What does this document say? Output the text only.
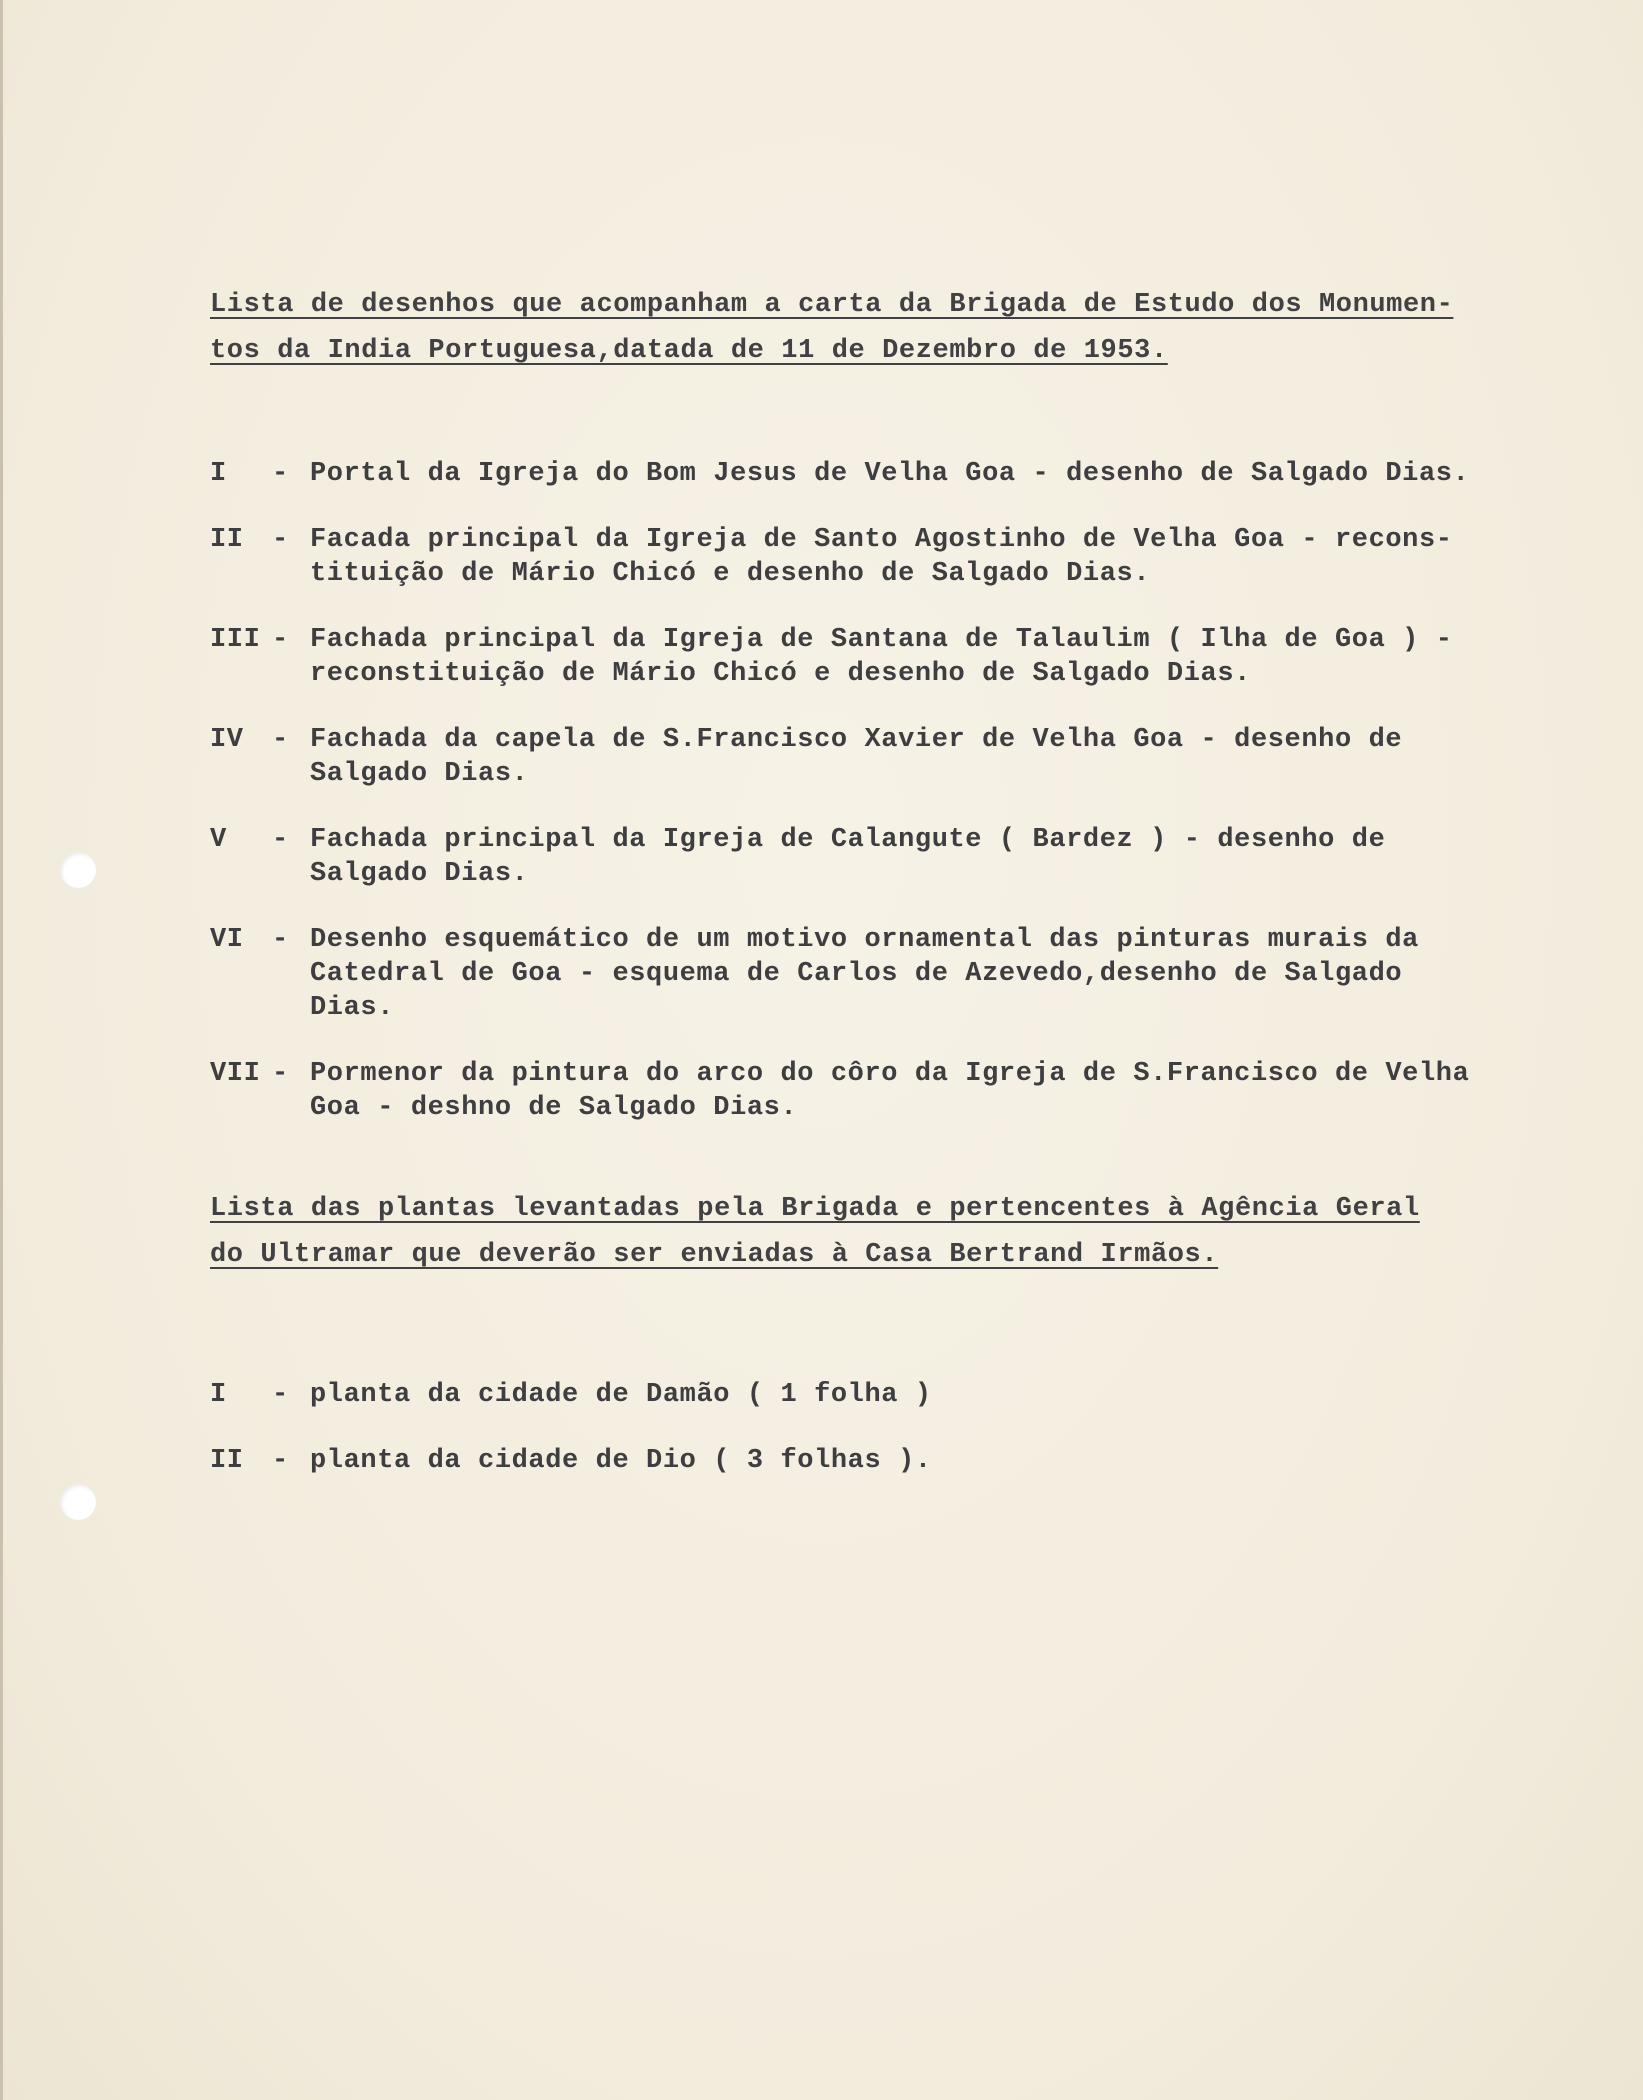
Lista de desenhos que acompanham a carta da Brigada de Estudo dos Monumen-
tos da India Portuguesa,datada de 11 de Dezembro de 1953.
I	- Portal da Igreja do Bom Jesus de Velha Goa - desenho de Salgado Dias.
II	- Facada principal da Igreja de Santo Agostinho de Velha Goa - recons- tituição de Mário Chicó e desenho de Salgado Dias.
III - Fachada principal da Igreja de Santana de Talaulim ( Ilha de Goa ) - reconstituição de Mário Chicó e desenho de Salgado Dias.
IV	- Fachada da capela de S.Francisco Xavier de Velha Goa - desenho de Salgado Dias.
V	- Fachada principal da Igreja de Calangute ( Bardez ) - desenho de Salgado Dias.
VI	- Desenho esquemático de um motivo ornamental das pinturas murais da Catedral de Goa - esquema de Carlos de Azevedo,desenho de Salgado Dias.
VII - Pormenor da pintura do arco do côro da Igreja de S.Francisco de Velha Goa - deshno de Salgado Dias.
Lista das plantas levantadas pela Brigada e pertencentes à Agência Geral
do Ultramar que deverão ser enviadas à Casa Bertrand Irmãos.
I	- planta da cidade de Damão ( 1 folha )
II	- planta da cidade de Dio ( 3 folhas ).
